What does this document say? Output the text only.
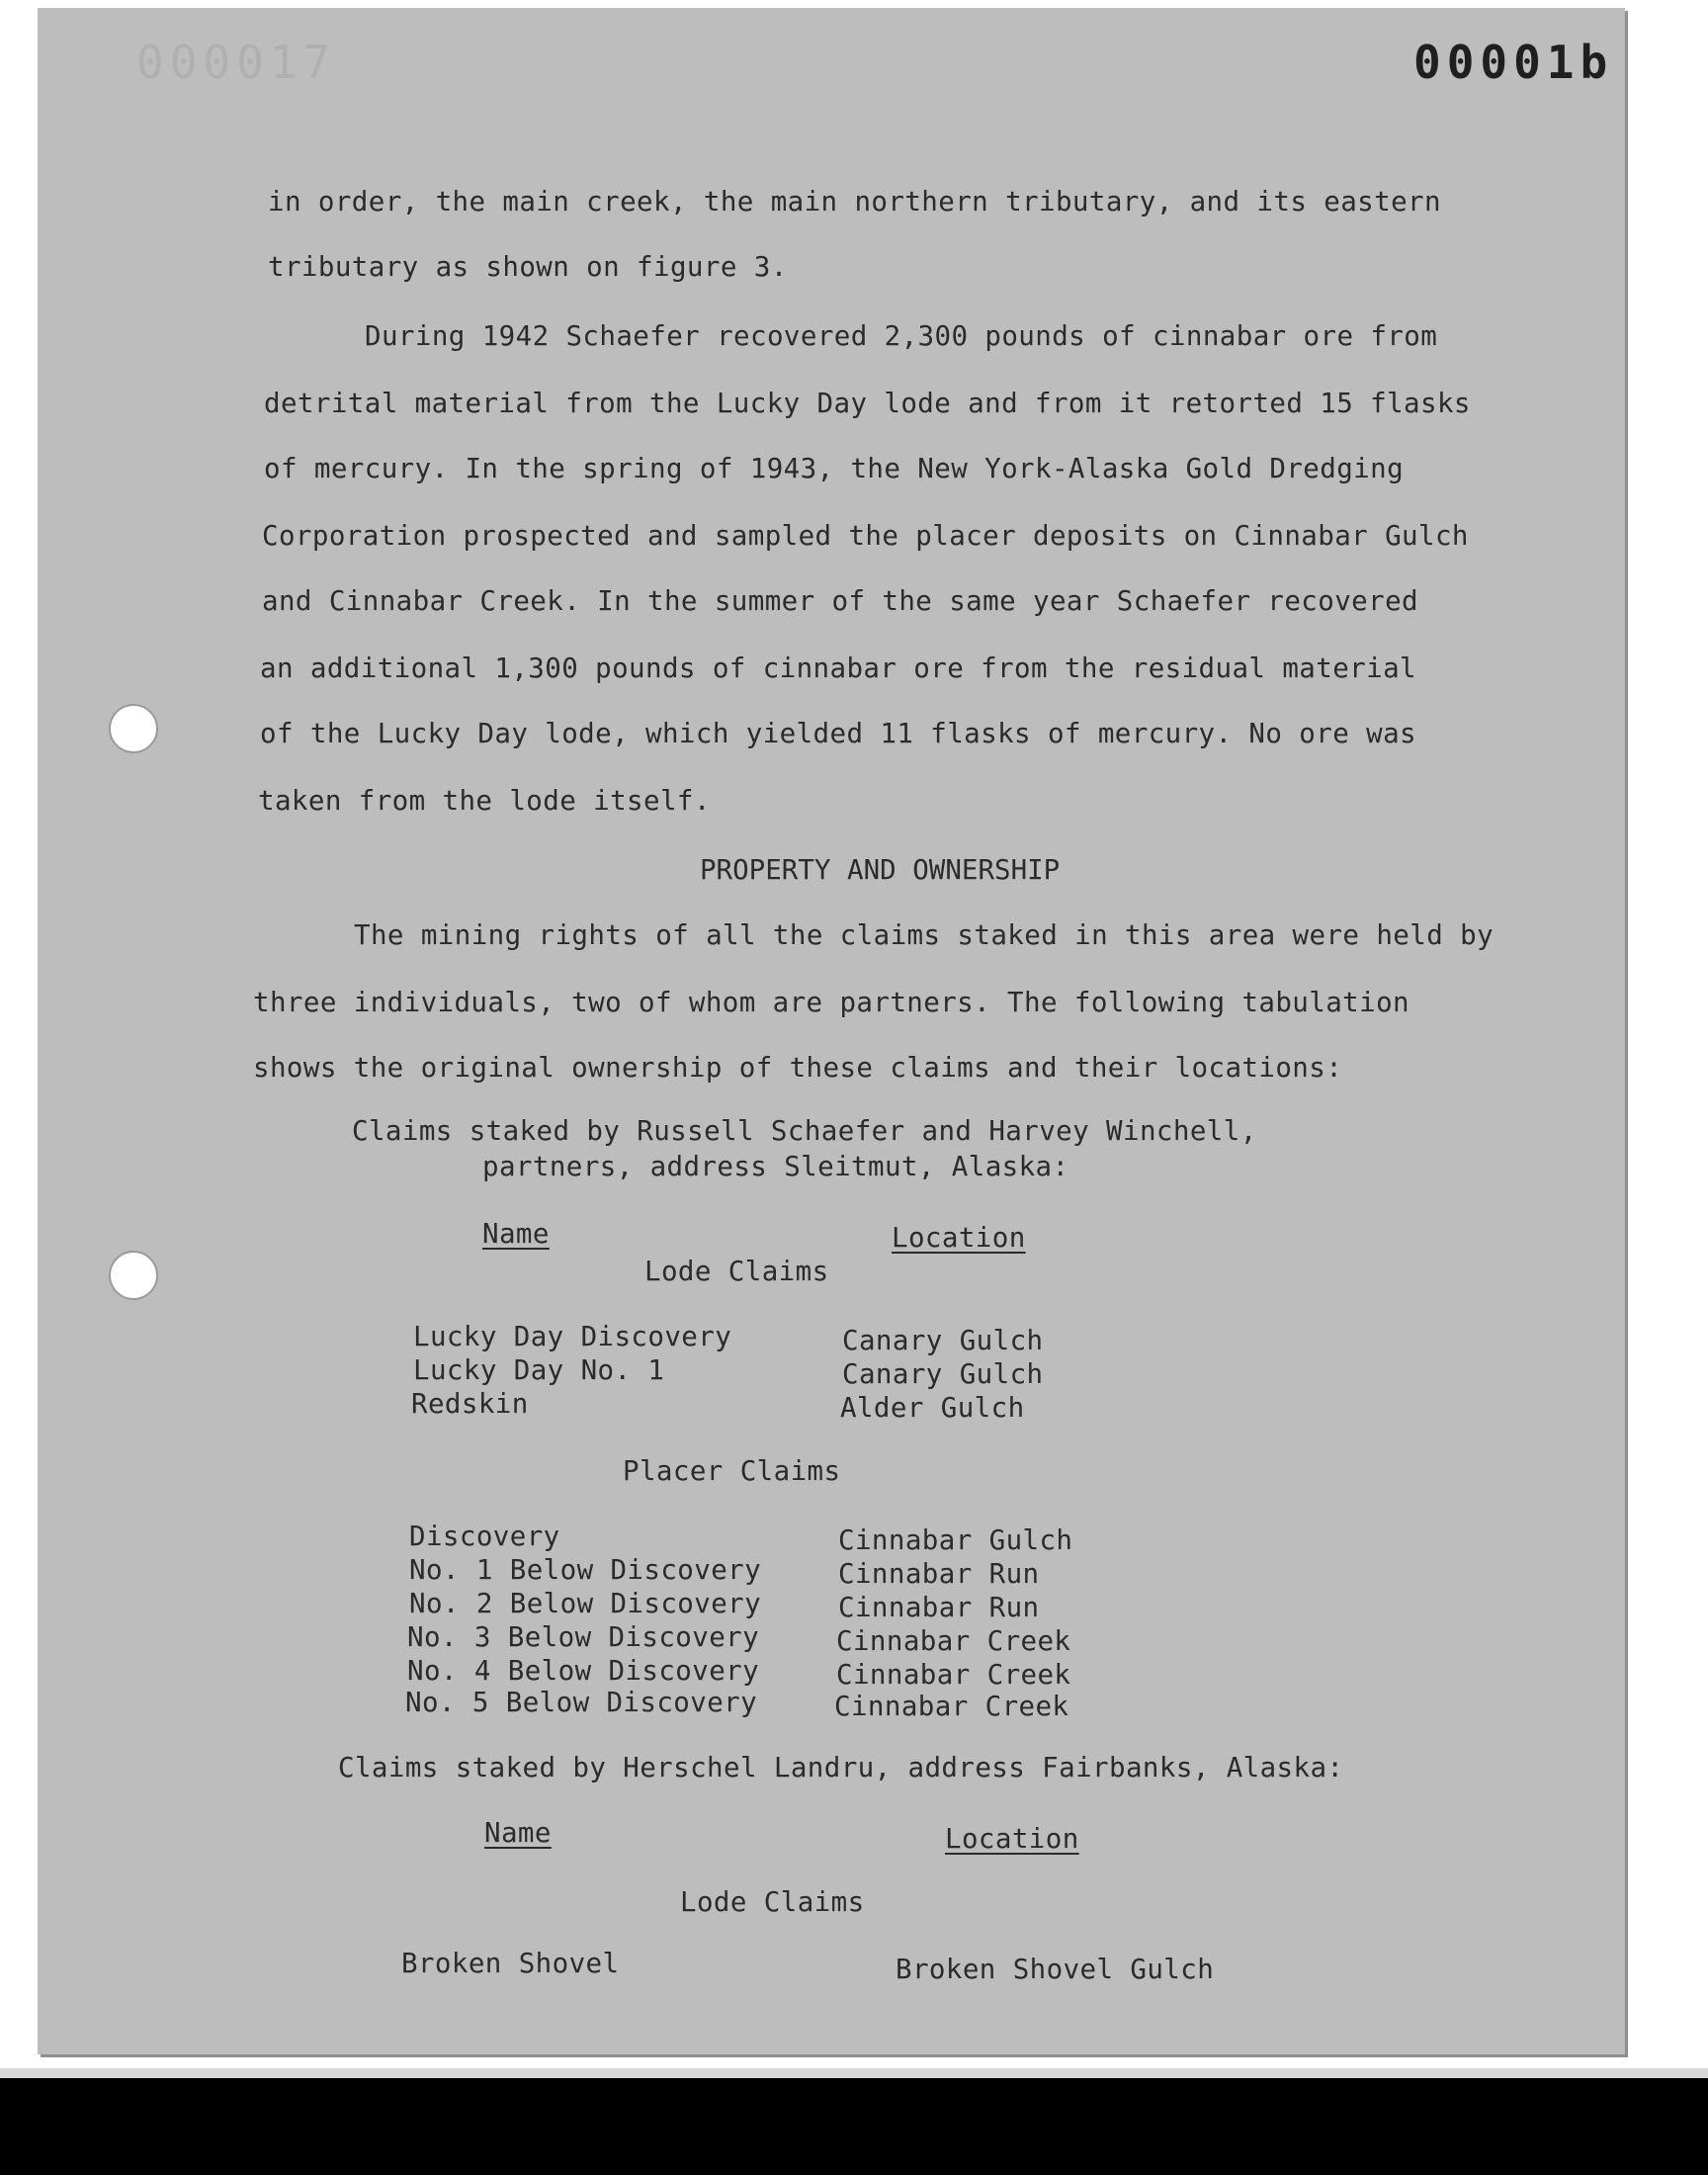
000017	00001b
in order, the main creek, the main northern tributary, and its eastern
tributary as shown on figure 3.
During 1942 Schaefer recovered 2,300 pounds of cinnabar ore from
detrital material from the Lucky Day lode and from it retorted 15 flasks
of mercury. In the spring of 1943, the New York-Alaska Gold Dredging
Corporation prospected and sampled the placer deposits on Cinnabar Gulch
and Cinnabar Creek. In the summer of the same year Schaefer recovered
an additional 1,300 pounds of cinnabar ore from the residual material
of the Lucky Day lode, which yielded 11 flasks of mercury. No ore was
taken from the lode itself.
PROPERTY AND OWNERSHIP
The mining rights of all the claims staked in this area were held by
three individuals, two of whom are partners. The following tabulation
shows the original ownership of these claims and their locations:
Claims staked by Russell Schaefer and Harvey Winchell,
partners, address Sleitmut, Alaska:
Name	Location
Lode Claims
Lucky Day Discovery	Canary Gulch
Lucky Day No. 1	Canary Gulch
Redskin	Alder Gulch
Placer Claims
Discovery	Cinnabar Gulch
No. 1 Below Discovery	Cinnabar Run
No. 2 Below Discovery	Cinnabar Run
No. 3 Below Discovery	Cinnabar Creek
No. 4 Below Discovery	Cinnabar Creek
No. 5 Below Discovery	Cinnabar Creek
Claims staked by Herschel Landru, address Fairbanks, Alaska:
Name	Location
Lode Claims
Broken Shovel	Broken Shovel Gulch
